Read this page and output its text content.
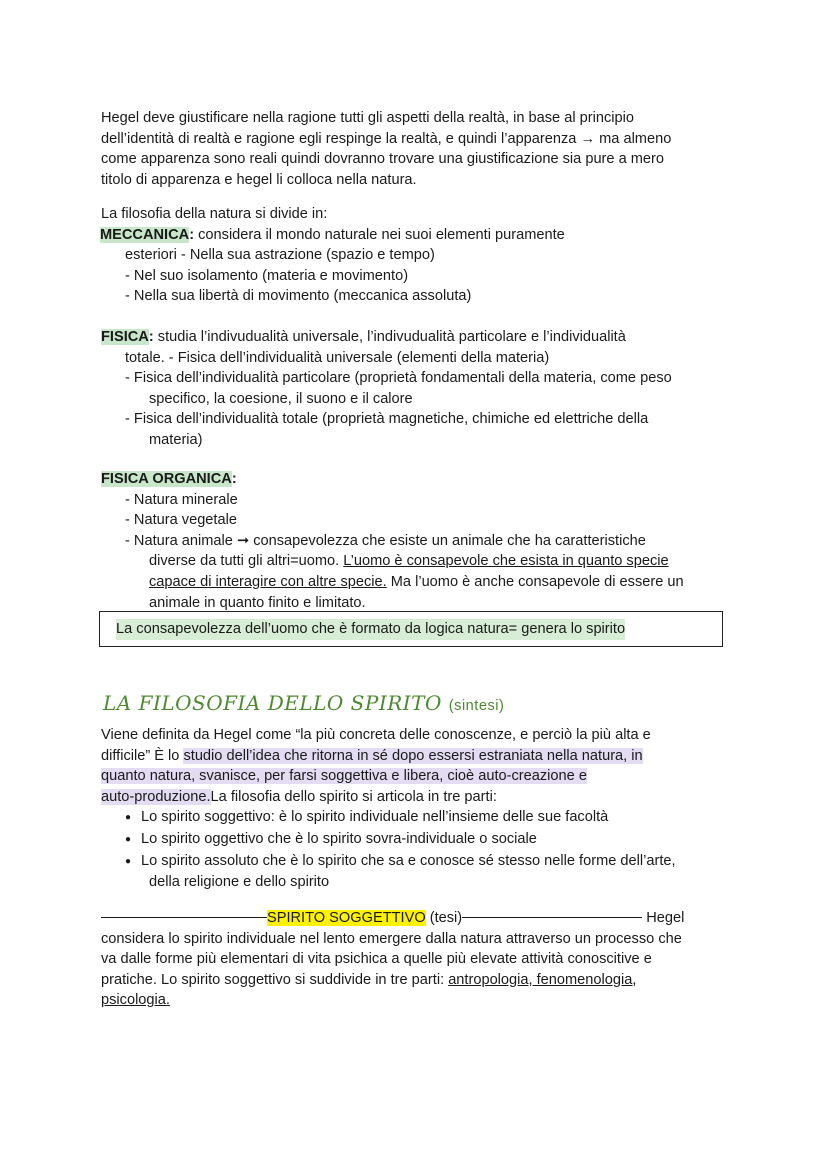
Hegel deve giustificare nella ragione tutti gli aspetti della realtà, in base al principio
dell’identità di realtà e ragione egli respinge la realtà, e quindi l’apparenza → ma almeno
come apparenza sono reali quindi dovranno trovare una giustificazione sia pure a mero
titolo di apparenza e hegel li colloca nella natura.
La filosofia della natura si divide in:
MECCANICA: considera il mondo naturale nei suoi elementi puramente
esteriori - Nella sua astrazione (spazio e tempo)
- Nel suo isolamento (materia e movimento)
- Nella sua libertà di movimento (meccanica assoluta)
FISICA: studia l’indivudualità universale, l’indivudualità particolare e l’individualità
totale. - Fisica dell’individualità universale (elementi della materia)
- Fisica dell’individualità particolare (proprietà fondamentali della materia, come peso
specifico, la coesione, il suono e il calore
- Fisica dell’individualità totale (proprietà magnetiche, chimiche ed elettriche della
materia)
FISICA ORGANICA:
- Natura minerale
- Natura vegetale
- Natura animale ➞ consapevolezza che esiste un animale che ha caratteristiche
diverse da tutti gli altri=uomo. L’uomo è consapevole che esista in quanto specie
capace di interagire con altre specie. Ma l’uomo è anche consapevole di essere un
animale in quanto finito e limitato.
La consapevolezza dell’uomo che è formato da logica natura= genera lo spirito
LA FILOSOFIA DELLO SPIRITO (sintesi)
Viene definita da Hegel come “la più concreta delle conoscenze, e perciò la più alta e
difficile” È lo studio dell’idea che ritorna in sé dopo essersi estraniata nella natura, in
quanto natura, svanisce, per farsi soggettiva e libera, cioè auto-creazione e
auto-produzione.La filosofia dello spirito si articola in tre parti:
● Lo spirito soggettivo: è lo spirito individuale nell’insieme delle sue facoltà
● Lo spirito oggettivo che è lo spirito sovra-individuale o sociale
● Lo spirito assoluto che è lo spirito che sa e conosce sé stesso nelle forme dell’arte,
della religione e dello spirito
SPIRITO SOGGETTIVO (tesi)	Hegel
considera lo spirito individuale nel lento emergere dalla natura attraverso un processo che
va dalle forme più elementari di vita psichica a quelle più elevate attività conoscitive e
pratiche. Lo spirito soggettivo si suddivide in tre parti: antropologia, fenomenologia,
psicologia.
